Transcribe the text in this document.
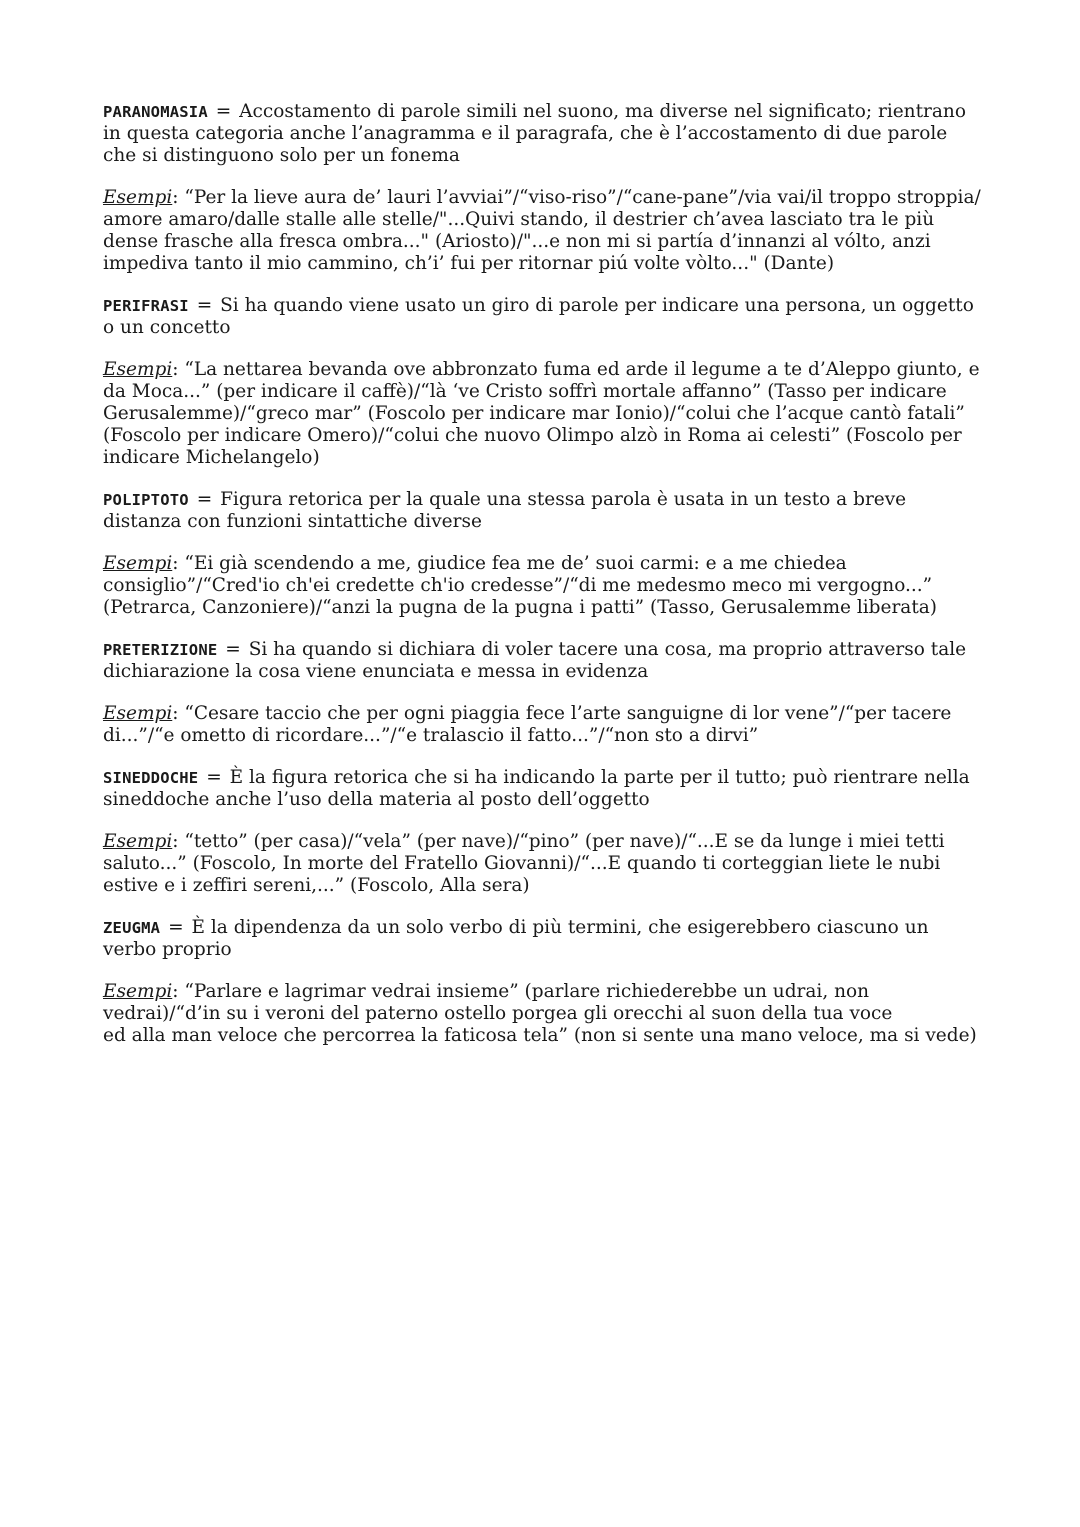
PARANOMASIA = Accostamento di parole simili nel suono, ma diverse nel significato; rientrano in questa categoria anche l’anagramma e il paragrafa, che è l’accostamento di due parole che si distinguono solo per un fonema

Esempi: “Per la lieve aura de’ lauri l’avviai”/“viso-riso”/“cane-pane”/via vai/il troppo stroppia/ amore amaro/dalle stalle alle stelle/"...Quivi stando, il destrier ch’avea lasciato tra le più dense frasche alla fresca ombra..." (Ariosto)/"...e non mi si partía d’innanzi al vólto, anzi impediva tanto il mio cammino, ch’i’ fui per ritornar piú volte vòlto..." (Dante)

PERIFRASI = Si ha quando viene usato un giro di parole per indicare una persona, un oggetto o un concetto

Esempi: “La nettarea bevanda ove abbronzato fuma ed arde il legume a te d’Aleppo giunto, e da Moca...” (per indicare il caffè)/“là ‘ve Cristo soffrì mortale affanno” (Tasso per indicare Gerusalemme)/“greco mar” (Foscolo per indicare mar Ionio)/“colui che l’acque cantò fatali” (Foscolo per indicare Omero)/“colui che nuovo Olimpo alzò in Roma ai celesti” (Foscolo per indicare Michelangelo)

POLIPTOTO = Figura retorica per la quale una stessa parola è usata in un testo a breve distanza con funzioni sintattiche diverse

Esempi: “Ei già scendendo a me, giudice fea me de’ suoi carmi: e a me chiedea consiglio”/“Cred'io ch'ei credette ch'io credesse”/“di me medesmo meco mi vergogno...” (Petrarca, Canzoniere)/“anzi la pugna de la pugna i patti” (Tasso, Gerusalemme liberata)

PRETERIZIONE = Si ha quando si dichiara di voler tacere una cosa, ma proprio attraverso tale dichiarazione la cosa viene enunciata e messa in evidenza

Esempi: “Cesare taccio che per ogni piaggia fece l’arte sanguigne di lor vene”/“per tacere di...”/“e ometto di ricordare...”/“e tralascio il fatto...”/“non sto a dirvi”

SINEDDOCHE = È la figura retorica che si ha indicando la parte per il tutto; può rientrare nella sineddoche anche l’uso della materia al posto dell’oggetto

Esempi: “tetto” (per casa)/“vela” (per nave)/“pino” (per nave)/“...E se da lunge i miei tetti saluto...” (Foscolo, In morte del Fratello Giovanni)/“...E quando ti corteggian liete le nubi estive e i zeffiri sereni,...” (Foscolo, Alla sera)

ZEUGMA = È la dipendenza da un solo verbo di più termini, che esigerebbero ciascuno un verbo proprio

Esempi: “Parlare e lagrimar vedrai insieme” (parlare richiederebbe un udrai, non vedrai)/“d’in su i veroni del paterno ostello porgea gli orecchi al suon della tua voce
ed alla man veloce che percorrea la faticosa tela” (non si sente una mano veloce, ma si vede)
